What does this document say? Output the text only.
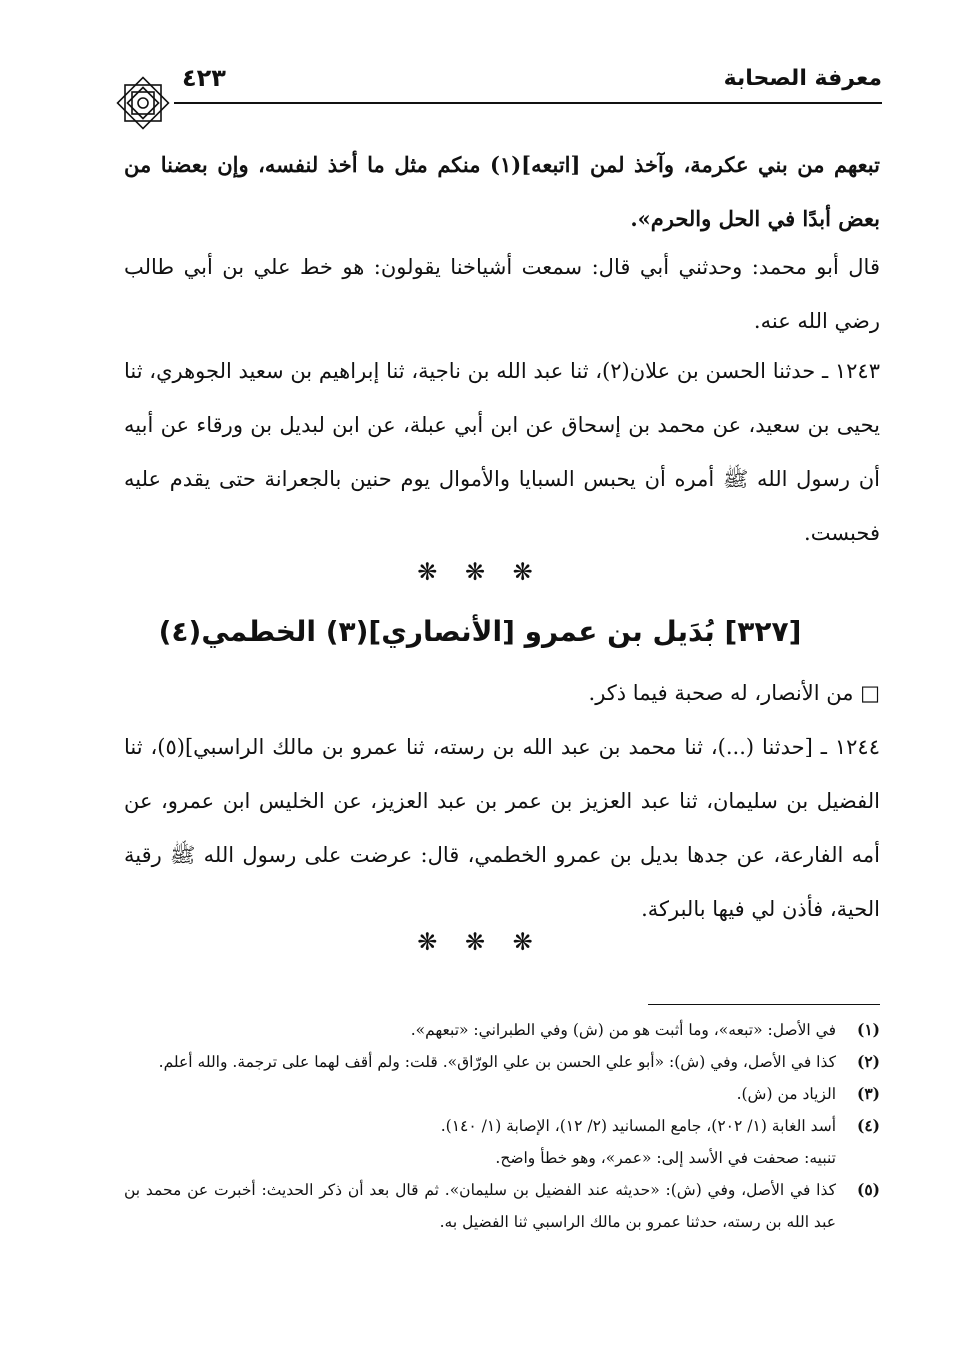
٤٢٣	معرفة الصحابة
تبعهم من بني عكرمة، وآخذ لمن [اتبعه](١) منكم مثل ما أخذ لنفسه، وإن بعضنا من بعض أبدًا في الحل والحرم».
قال أبو محمد: وحدثني أبي قال: سمعت أشياخنا يقولون: هو خط علي بن أبي طالب رضي الله عنه.
١٢٤٣ ـ حدثنا الحسن بن علان(٢)، ثنا عبد الله بن ناجية، ثنا إبراهيم بن سعيد الجوهري، ثنا يحيى بن سعيد، عن محمد بن إسحاق عن ابن أبي عبلة، عن ابن لبديل بن ورقاء عن أبيه أن رسول الله ﷺ أمره أن يحبس السبايا والأموال يوم حنين بالجعرانة حتى يقدم عليه فحبست.
❋ ❋ ❋
[٣٢٧] بُدَيل بن عمرو [الأنصاري](٣) الخطمي(٤)
□ من الأنصار، له صحبة فيما ذكر.
١٢٤٤ ـ [حدثنا (...)، ثنا محمد بن عبد الله بن رسته، ثنا عمرو بن مالك الراسبي](٥)، ثنا الفضيل بن سليمان، ثنا عبد العزيز بن عمر بن عبد العزيز، عن الخليس ابن عمرو، عن أمه الفارعة، عن جدها بديل بن عمرو الخطمي، قال: عرضت على رسول الله ﷺ رقية الحية، فأذن لي فيها بالبركة.
❋ ❋ ❋
(١)
في الأصل: «تبعه»، وما أثبت هو من (ش) وفي الطبراني: «تبعهم».
(٢)
كذا في الأصل، وفي (ش): «أبو علي الحسن بن علي الورّاق». قلت: ولم أقف لهما على ترجمة. والله أعلم.
(٣)
الزياد من (ش).
(٤)
أسد الغابة (١/ ٢٠٢)، جامع المسانيد (٢/ ١٢)، الإصابة (١/ ١٤٠).
تنبيه: صحفت في الأسد إلى: «عمر»، وهو خطأ واضح.
(٥)
كذا في الأصل، وفي (ش): «حديثه عند الفضيل بن سليمان». ثم قال بعد أن ذكر الحديث: أخبرت عن محمد بن عبد الله بن رسته، حدثنا عمرو بن مالك الراسبي ثنا الفضيل به.
